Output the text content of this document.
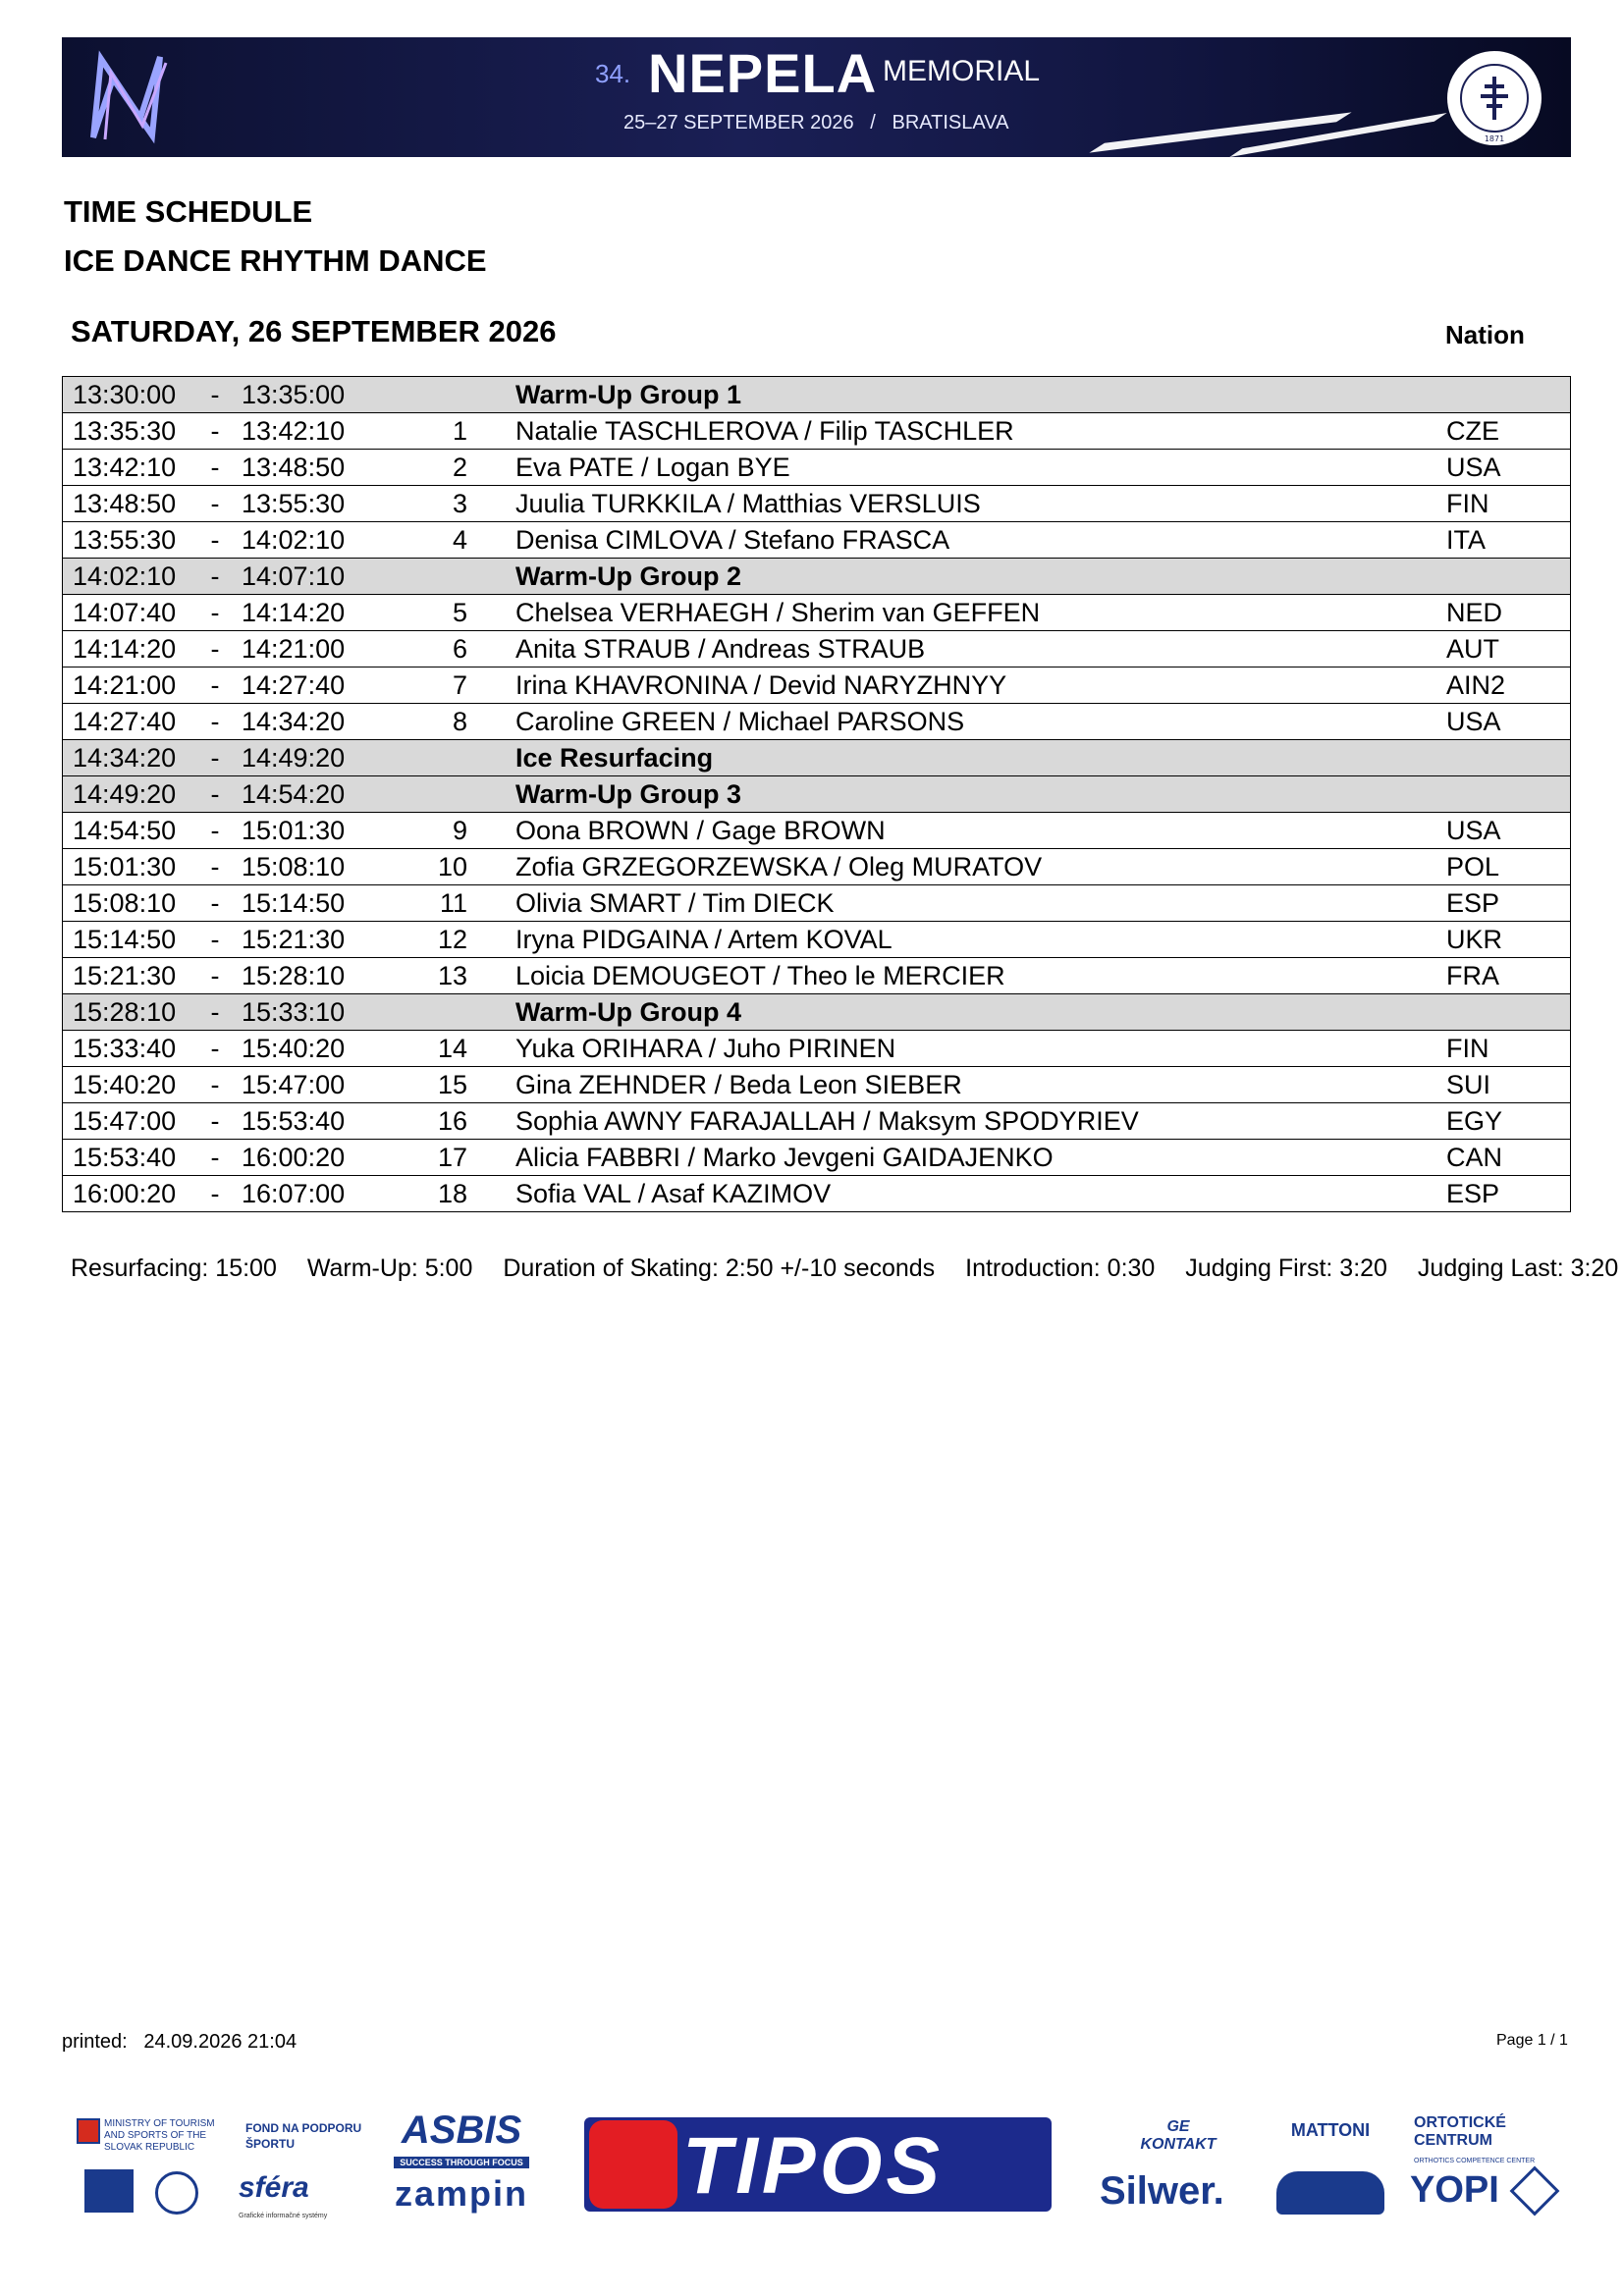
34. NEPELA MEMORIAL
25–27 SEPTEMBER 2026   /   BRATISLAVA
1871
TIME SCHEDULE
ICE DANCE RHYTHM DANCE
SATURDAY, 26 SEPTEMBER 2026	Nation
13:30:00	- 13:35:00	Warm-Up Group 1

13:35:30	- 13:42:10	1	Natalie TASCHLEROVA / Filip TASCHLER	CZE

13:42:10	- 13:48:50	2	Eva PATE / Logan BYE	USA

13:48:50	- 13:55:30	3	Juulia TURKKILA / Matthias VERSLUIS	FIN

13:55:30	- 14:02:10	4	Denisa CIMLOVA / Stefano FRASCA	ITA

14:02:10	- 14:07:10	Warm-Up Group 2

14:07:40	- 14:14:20	5	Chelsea VERHAEGH / Sherim van GEFFEN	NED

14:14:20	- 14:21:00	6	Anita STRAUB / Andreas STRAUB	AUT

14:21:00	- 14:27:40	7	Irina KHAVRONINA / Devid NARYZHNYY	AIN2

14:27:40	- 14:34:20	8	Caroline GREEN / Michael PARSONS	USA

14:34:20	- 14:49:20	Ice Resurfacing

14:49:20	- 14:54:20	Warm-Up Group 3

14:54:50	- 15:01:30	9	Oona BROWN / Gage BROWN	USA

15:01:30	- 15:08:10	10	Zofia GRZEGORZEWSKA / Oleg MURATOV	POL

15:08:10	- 15:14:50	11	Olivia SMART / Tim DIECK	ESP

15:14:50	- 15:21:30	12	Iryna PIDGAINA / Artem KOVAL	UKR

15:21:30	- 15:28:10	13	Loicia DEMOUGEOT / Theo le MERCIER	FRA

15:28:10	- 15:33:10	Warm-Up Group 4

15:33:40	- 15:40:20	14	Yuka ORIHARA / Juho PIRINEN	FIN

15:40:20	- 15:47:00	15	Gina ZEHNDER / Beda Leon SIEBER	SUI

15:47:00	- 15:53:40	16	Sophia AWNY FARAJALLAH / Maksym SPODYRIEV	EGY

15:53:40	- 16:00:20	17	Alicia FABBRI / Marko Jevgeni GAIDAJENKO	CAN

16:00:20	- 16:07:00	18	Sofia VAL / Asaf KAZIMOV	ESP
Resurfacing: 15:00 Warm-Up: 5:00 Duration of Skating: 2:50 +/-10 seconds Introduction: 0:30 Judging First: 3:20 Judging Last: 3:20
printed:   24.09.2026 21:04	Page 1 / 1
MINISTRY OF TOURISM AND SPORTS OF THE SLOVAK REPUBLIC
FOND NA PODPORU ŠPORTU
sféra
Grafické informačné systémy
ASBIS
SUCCESS THROUGH FOCUS
zampin TIPOS	GE KONTAKT
Silwer.
MATTONI	ORTOTICKÉ CENTRUM
ORTHOTICS COMPETENCE CENTER
YOPI
